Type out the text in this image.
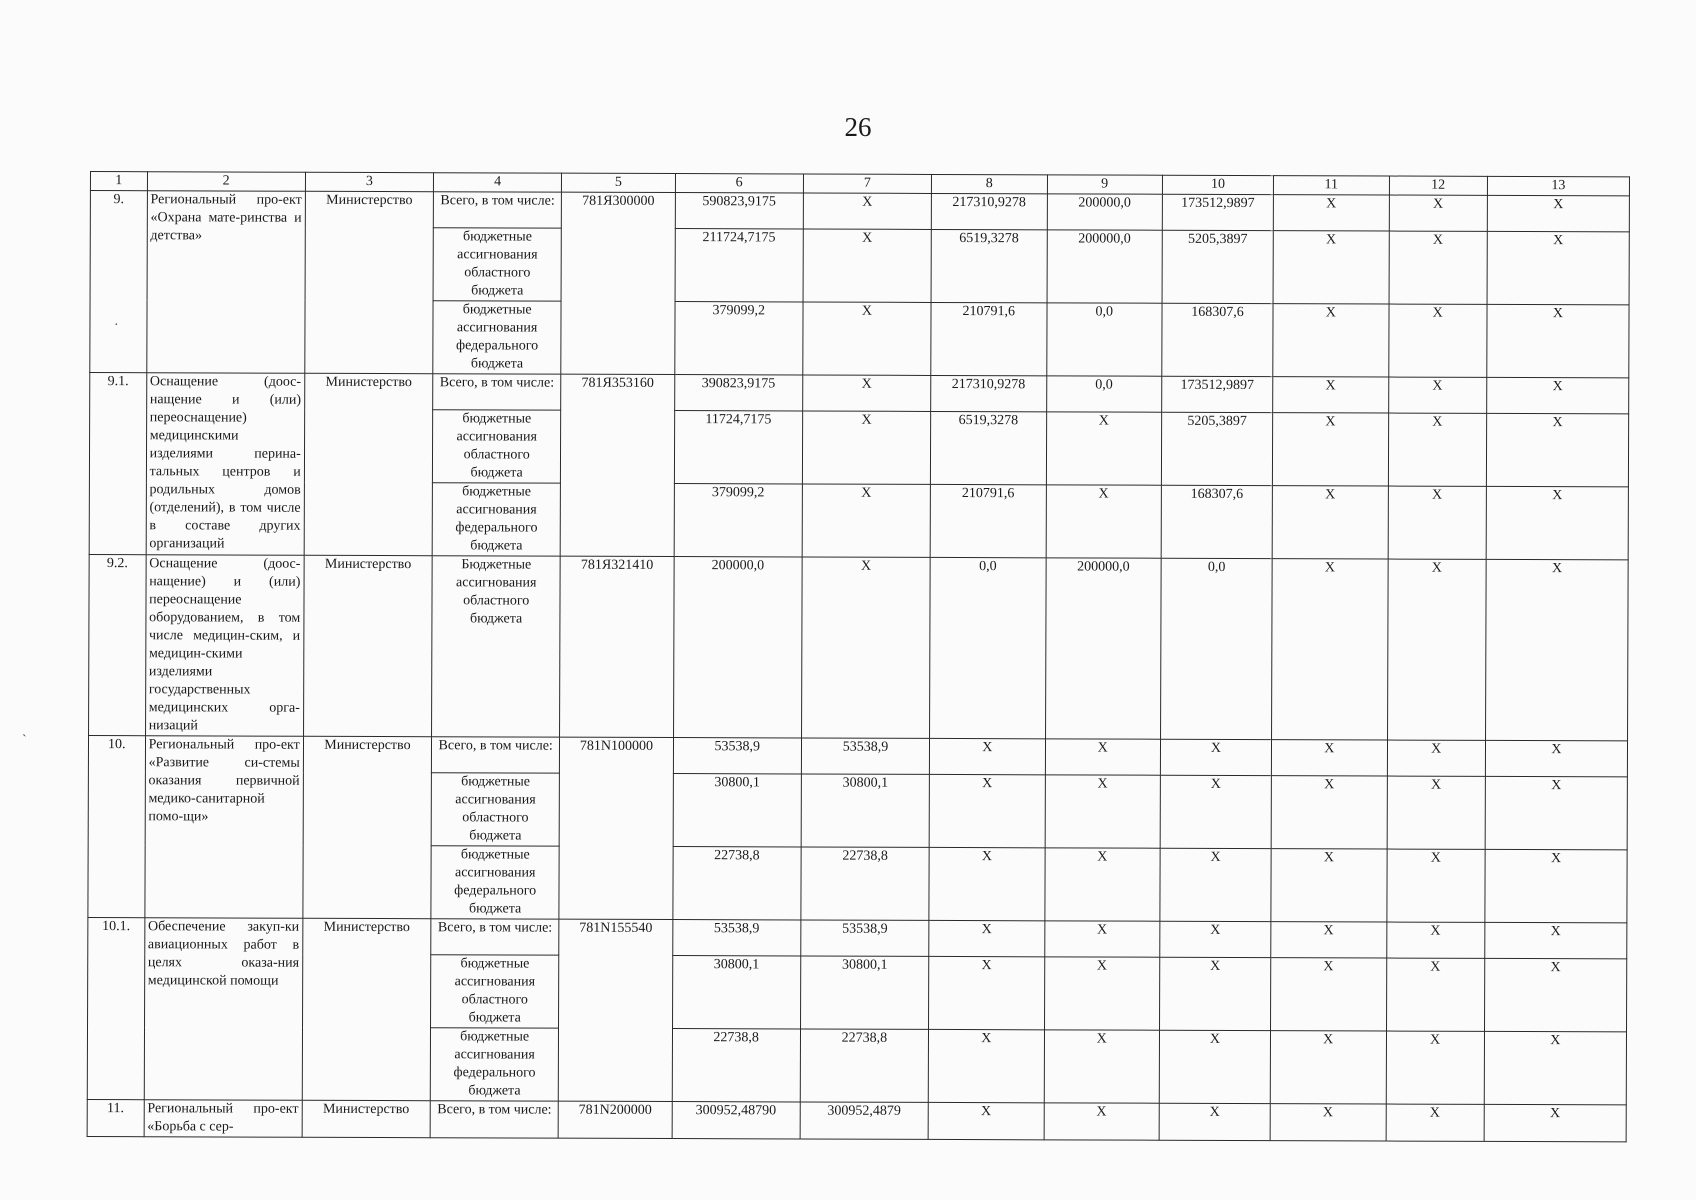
26
·
ˋ
1	2	3	4	5	6	7	8	9	10	11	12	13
9.	Региональный про-ект «Охрана мате-ринства и детства»	Министерство	Всего, в том числе:	781Я300000	590823,9175	X	217310,9278	200000,0	173512,9897	X	X	X
			бюджетные ассигнования областного бюджета		211724,7175	X	6519,3278	200000,0	5205,3897	X	X	X
			бюджетные ассигнования федерального бюджета		379099,2	X	210791,6	0,0	168307,6	X	X	X
9.1.	Оснащение (доос-нащение и (или) переоснащение) медицинскими изделиями перина-тальных центров и родильных домов (отделений), в том числе в составе других организаций	Министерство	Всего, в том числе:	781Я353160	390823,9175	X	217310,9278	0,0	173512,9897	X	X	X
			бюджетные ассигнования областного бюджета		11724,7175	X	6519,3278	X	5205,3897	X	X	X
			бюджетные ассигнования федерального бюджета		379099,2	X	210791,6	X	168307,6	X	X	X
9.2.	Оснащение (доос-нащение) и (или) переоснащение оборудованием, в том числе медицин-ским, и медицин-скими изделиями государственных медицинских орга-низаций	Министерство	Бюджетные ассигнования областного бюджета	781Я321410	200000,0	X	0,0	200000,0	0,0	X	X	X
10.	Региональный про-ект «Развитие си-стемы оказания первичной медико-санитарной помо-щи»	Министерство	Всего, в том числе:	781N100000	53538,9	53538,9	X	X	X	X	X	X
			бюджетные ассигнования областного бюджета		30800,1	30800,1	X	X	X	X	X	X
			бюджетные ассигнования федерального бюджета		22738,8	22738,8	X	X	X	X	X	X
10.1.	Обеспечение закуп-ки авиационных работ в целях оказа-ния медицинской помощи	Министерство	Всего, в том числе:	781N155540	53538,9	53538,9	X	X	X	X	X	X
			бюджетные ассигнования областного бюджета		30800,1	30800,1	X	X	X	X	X	X
			бюджетные ассигнования федерального бюджета		22738,8	22738,8	X	X	X	X	X	X
11.	Региональный про-ект «Борьба с сер-	Министерство	Всего, в том числе:	781N200000	300952,48790	300952,4879	X	X	X	X	X	X
